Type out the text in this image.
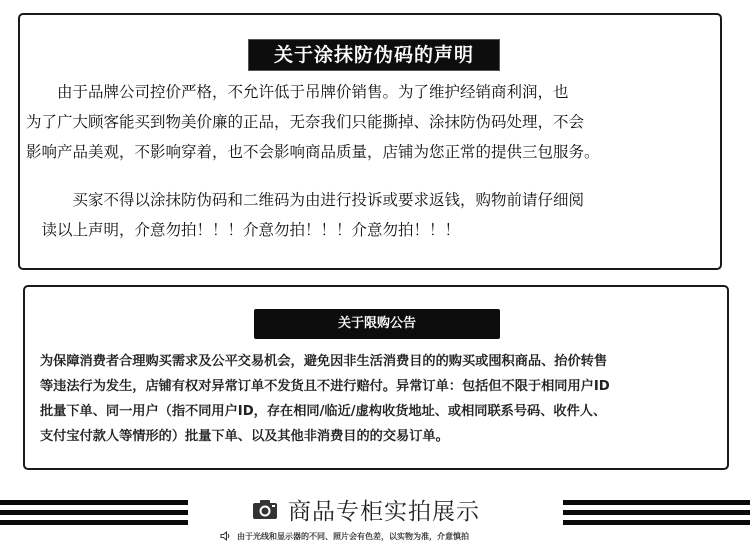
关于涂抹防伪码的声明

　　由于品牌公司控价严格，不允许低于吊牌价销售。为了维护经销商利润，也
为了广大顾客能买到物美价廉的正品，无奈我们只能撕掉、涂抹防伪码处理，不会
影响产品美观，不影响穿着，也不会影响商品质量，店铺为您正常的提供三包服务。

　　　买家不得以涂抹防伪码和二维码为由进行投诉或要求返钱，购物前请仔细阅
　读以上声明，介意勿拍！！！介意勿拍！！！介意勿拍！！！

关于限购公告

为保障消费者合理购买需求及公平交易机会，避免因非生活消费目的的购买或囤积商品、抬价转售
等违法行为发生，店铺有权对异常订单不发货且不进行赔付。异常订单：包括但不限于相同用户ID
批量下单、同一用户（指不同用户ID，存在相同/临近/虚构收货地址、或相同联系号码、收件人、
支付宝付款人等情形的）批量下单、以及其他非消费目的的交易订单。

商品专柜实拍展示
由于光线和显示器的不同、照片会有色差，以实物为准，介意慎拍
